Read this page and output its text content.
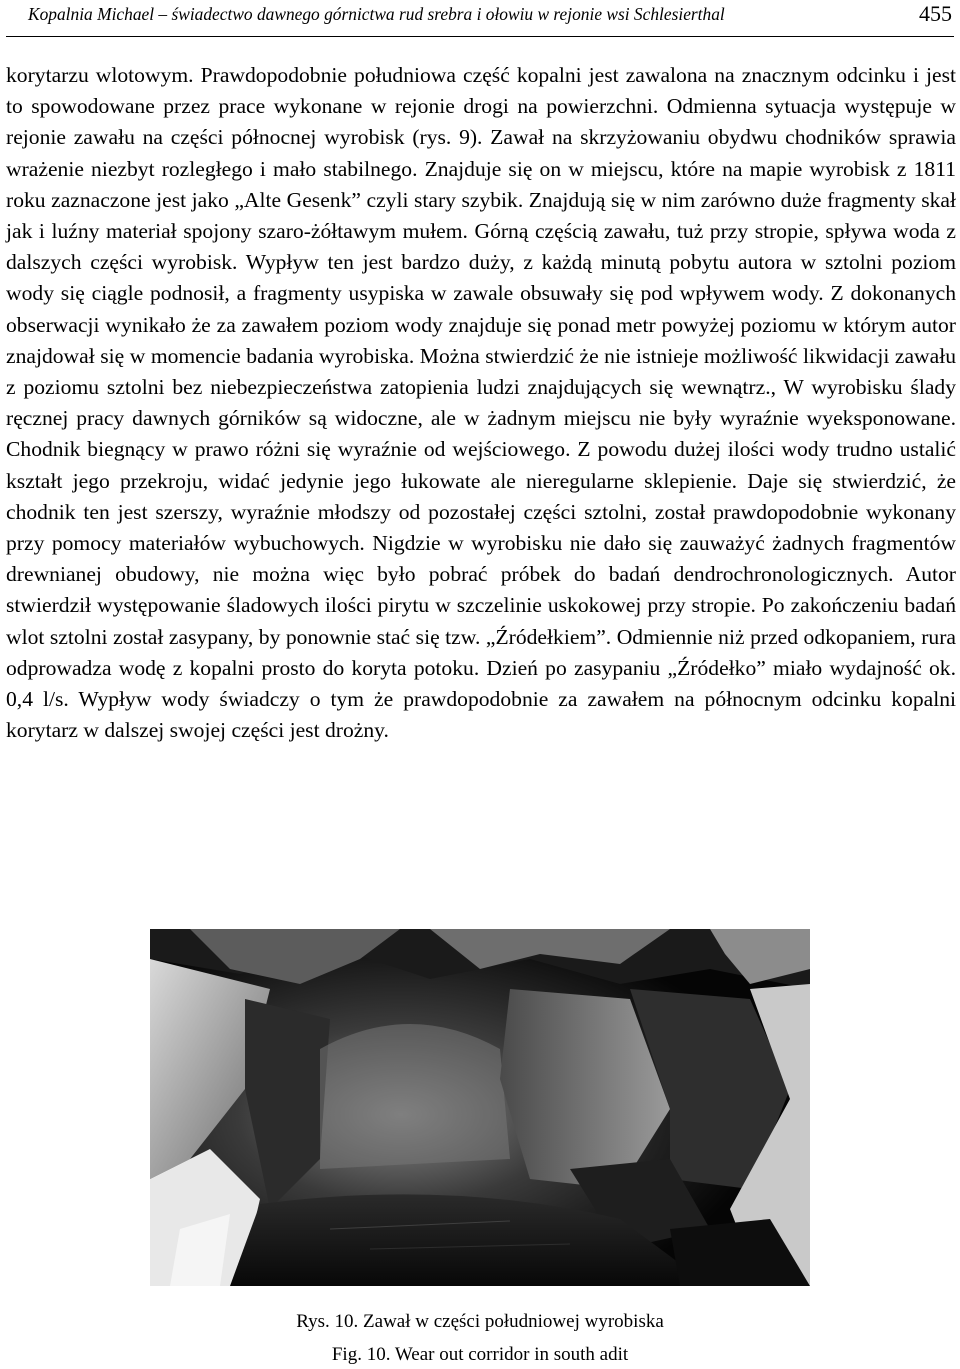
Kopalnia Michael – świadectwo dawnego górnictwa rud srebra i ołowiu w rejonie wsi Schlesierthal	455
korytarzu wlotowym. Prawdopodobnie południowa część kopalni jest zawalona na znacznym odcinku i jest to spowodowane przez prace wykonane w rejonie drogi na powierzchni. Odmienna sytuacja występuje w rejonie zawału na części północnej wyrobisk (rys. 9). Zawał na skrzyżowaniu obydwu chodników sprawia wrażenie niezbyt rozległego i mało stabilnego. Znajduje się on w miejscu, które na mapie wyrobisk z 1811 roku zaznaczone jest jako „Alte Gesenk” czyli stary szybik. Znajdują się w nim zarówno duże fragmenty skał jak i luźny materiał spojony szaro-żółtawym mułem. Górną częścią zawału, tuż przy stropie, spływa woda z dalszych części wyrobisk. Wypływ ten jest bardzo duży, z każdą minutą pobytu autora w sztolni poziom wody się ciągle podnosił, a fragmenty usypiska w zawale obsuwały się pod wpływem wody. Z dokonanych obserwacji wynikało że za zawałem poziom wody znajduje się ponad metr powyżej poziomu w którym autor znajdował się w momencie badania wyrobiska. Można stwierdzić że nie istnieje możliwość likwidacji zawału z poziomu sztolni bez niebezpieczeństwa zatopienia ludzi znajdujących się wewnątrz., W wyrobisku ślady ręcznej pracy dawnych górników są widoczne, ale w żadnym miejscu nie były wyraźnie wyeksponowane. Chodnik biegnący w prawo różni się wyraźnie od wejściowego. Z powodu dużej ilości wody trudno ustalić kształt jego przekroju, widać jedynie jego łukowate ale nieregularne sklepienie. Daje się stwierdzić, że chodnik ten jest szerszy, wyraźnie młodszy od pozostałej części sztolni, został prawdopodobnie wykonany przy pomocy materiałów wybuchowych. Nigdzie w wyrobisku nie dało się zauważyć żadnych fragmentów drewnianej obudowy, nie można więc było pobrać próbek do badań dendrochronologicznych. Autor stwierdził występowanie śladowych ilości pirytu w szczelinie uskokowej przy stropie. Po zakończeniu badań wlot sztolni został zasypany, by ponownie stać się tzw. „Źródełkiem”. Odmiennie niż przed odkopaniem, rura odprowadza wodę z kopalni prosto do koryta potoku. Dzień po zasypaniu „Źródełko” miało wydajność ok. 0,4 l/s. Wypływ wody świadczy o tym że prawdopodobnie za zawałem na północnym odcinku kopalni korytarz w dalszej swojej części jest drożny.
Rys. 10. Zawał w części południowej wyrobiska
Fig. 10. Wear out corridor in south adit
